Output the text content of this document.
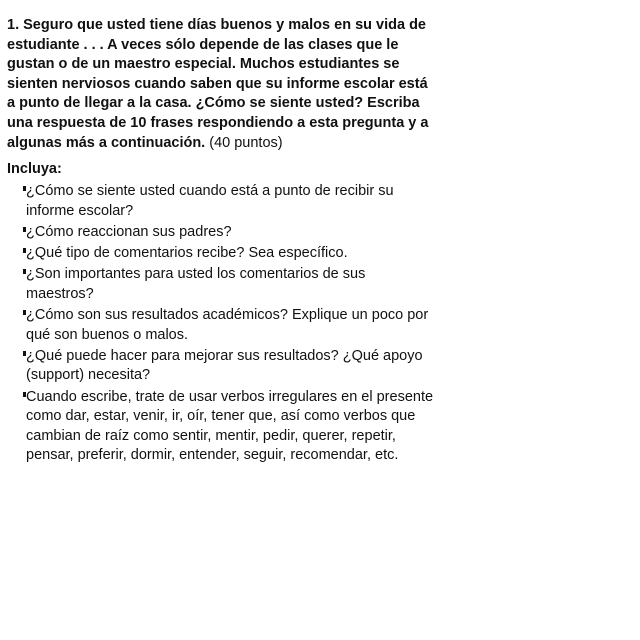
1. Seguro que usted tiene días buenos y malos en su vida de estudiante . . . A veces sólo depende de las clases que le gustan o de un maestro especial. Muchos estudiantes se sienten nerviosos cuando saben que su informe escolar está a punto de llegar a la casa. ¿Cómo se siente usted? Escriba una respuesta de 10 frases respondiendo a esta pregunta y a algunas más a continuación. (40 puntos)

Incluya:
¿Cómo se siente usted cuando está a punto de recibir su informe escolar?
¿Cómo reaccionan sus padres?
¿Qué tipo de comentarios recibe? Sea específico.
¿Son importantes para usted los comentarios de sus maestros?
¿Cómo son sus resultados académicos? Explique un poco por qué son buenos o malos.
¿Qué puede hacer para mejorar sus resultados? ¿Qué apoyo (support) necesita?
Cuando escribe, trate de usar verbos irregulares en el presente como dar, estar, venir, ir, oír, tener que, así como verbos que cambian de raíz como sentir, mentir, pedir, querer, repetir, pensar, preferir, dormir, entender, seguir, recomendar, etc.
